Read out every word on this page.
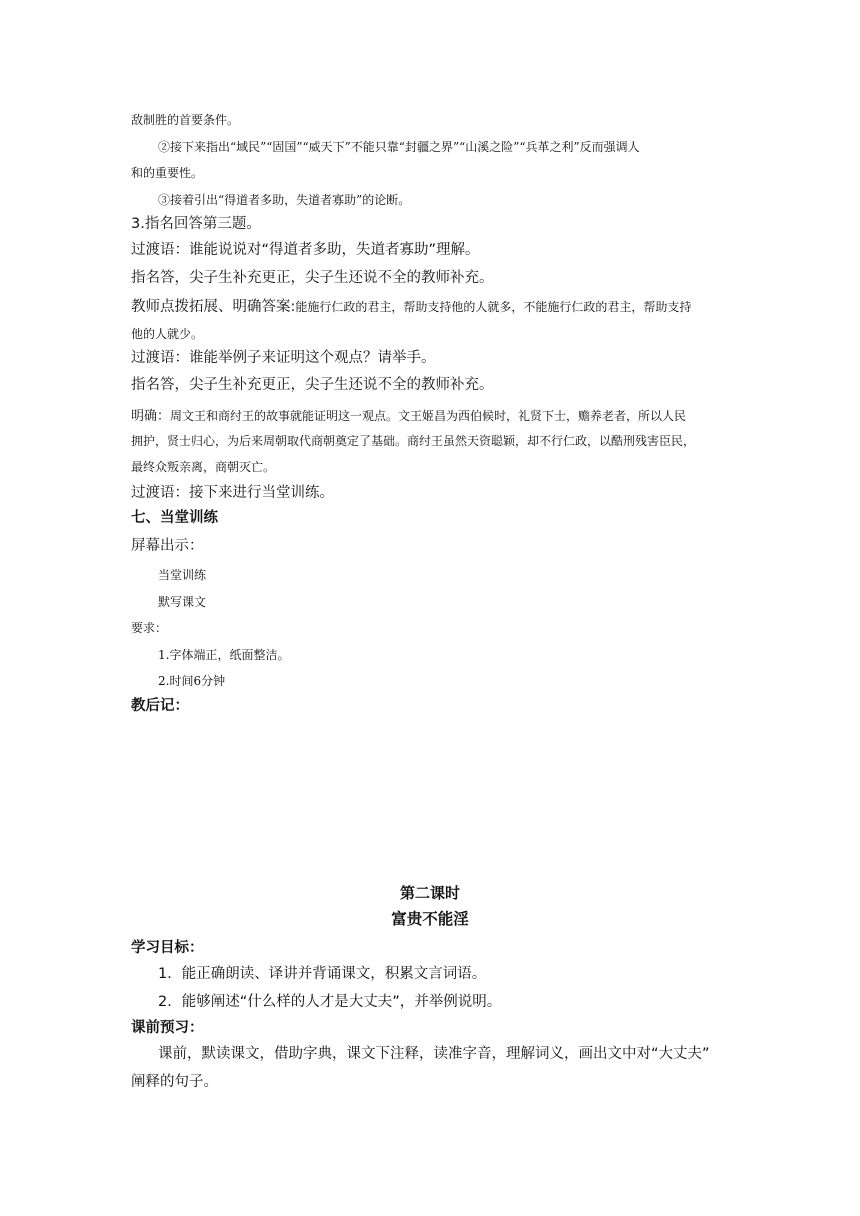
敌制胜的首要条件。
②接下来指出“域民”“固国”“威天下”不能只靠“封疆之界”“山溪之险”“兵革之利”反而强调人
和的重要性。
③接着引出“得道者多助，失道者寡助”的论断。
3.指名回答第三题。
过渡语：谁能说说对“得道者多助，失道者寡助”理解。
指名答，尖子生补充更正，尖子生还说不全的教师补充。
教师点拨拓展、明确答案:能施行仁政的君主，帮助支持他的人就多，不能施行仁政的君主，帮助支持
他的人就少。
过渡语：谁能举例子来证明这个观点？请举手。
指名答，尖子生补充更正，尖子生还说不全的教师补充。
明确：周文王和商纣王的故事就能证明这一观点。文王姬昌为西伯候时，礼贤下士，赡养老者，所以人民
拥护，贤士归心，为后来周朝取代商朝奠定了基础。商纣王虽然天资聪颖，却不行仁政，以酷刑残害臣民，
最终众叛亲离，商朝灭亡。
过渡语：接下来进行当堂训练。
七、当堂训练
屏幕出示：
当堂训练
默写课文
要求：
1.字体端正，纸面整洁。
2.时间6分钟
教后记：
第二课时
富贵不能淫
学习目标：
1．能正确朗读、译讲并背诵课文，积累文言词语。
2．能够阐述“什么样的人才是大丈夫”，并举例说明。
课前预习：
课前，默读课文，借助字典，课文下注释，读准字音，理解词义，画出文中对“大丈夫”
阐释的句子。
